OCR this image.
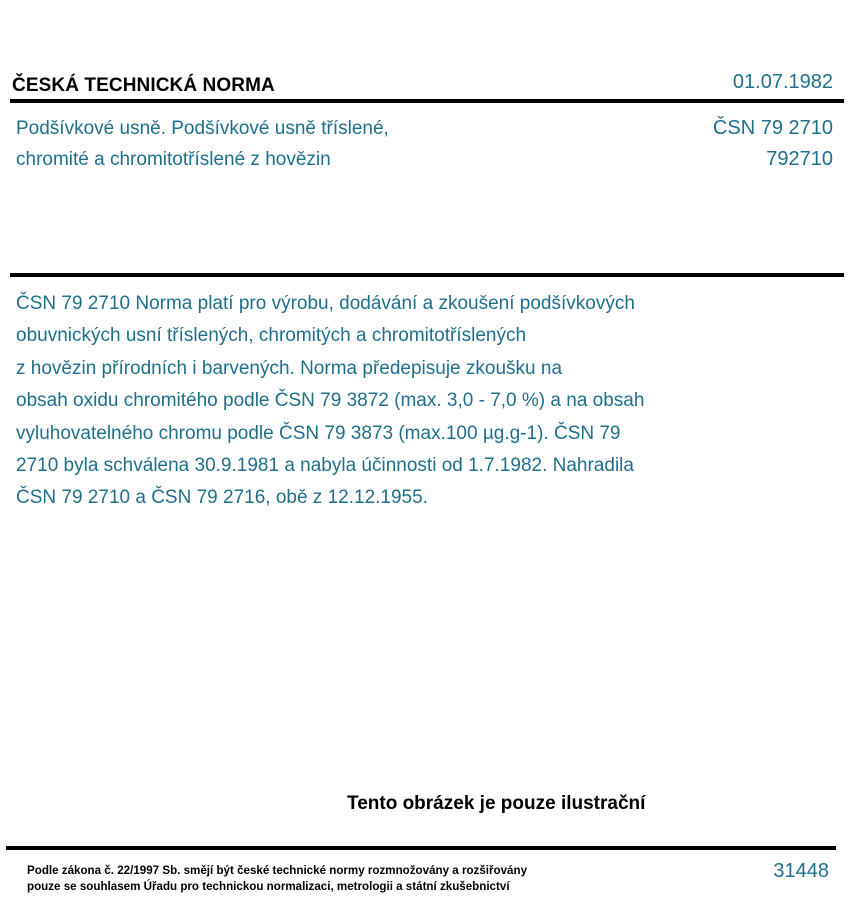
ČESKÁ TECHNICKÁ NORMA	01.07.1982
Podšívkové usně. Podšívkové usně tříslené,
chromité a chromitotříslené z hovězin
ČSN 79 2710
792710
ČSN 79 2710 Norma platí pro výrobu, dodávání a zkoušení podšívkových
obuvnických usní tříslených, chromitých a chromitotříslených
z hovězin přírodních i barvených. Norma předepisuje zkoušku na
obsah oxidu chromitého podle ČSN 79 3872 (max. 3,0 - 7,0 %) a na obsah
vyluhovatelného chromu podle ČSN 79 3873 (max.100 µg.g-1). ČSN 79
2710 byla schválena 30.9.1981 a nabyla účinnosti od 1.7.1982. Nahradila
ČSN 79 2710 a ČSN 79 2716, obě z 12.12.1955.
Tento obrázek je pouze ilustrační
Podle zákona č. 22/1997 Sb. smějí být české technické normy rozmnožovány a rozšiřovány
pouze se souhlasem Úřadu pro technickou normalizaci, metrologii a státní zkušebnictví
31448
